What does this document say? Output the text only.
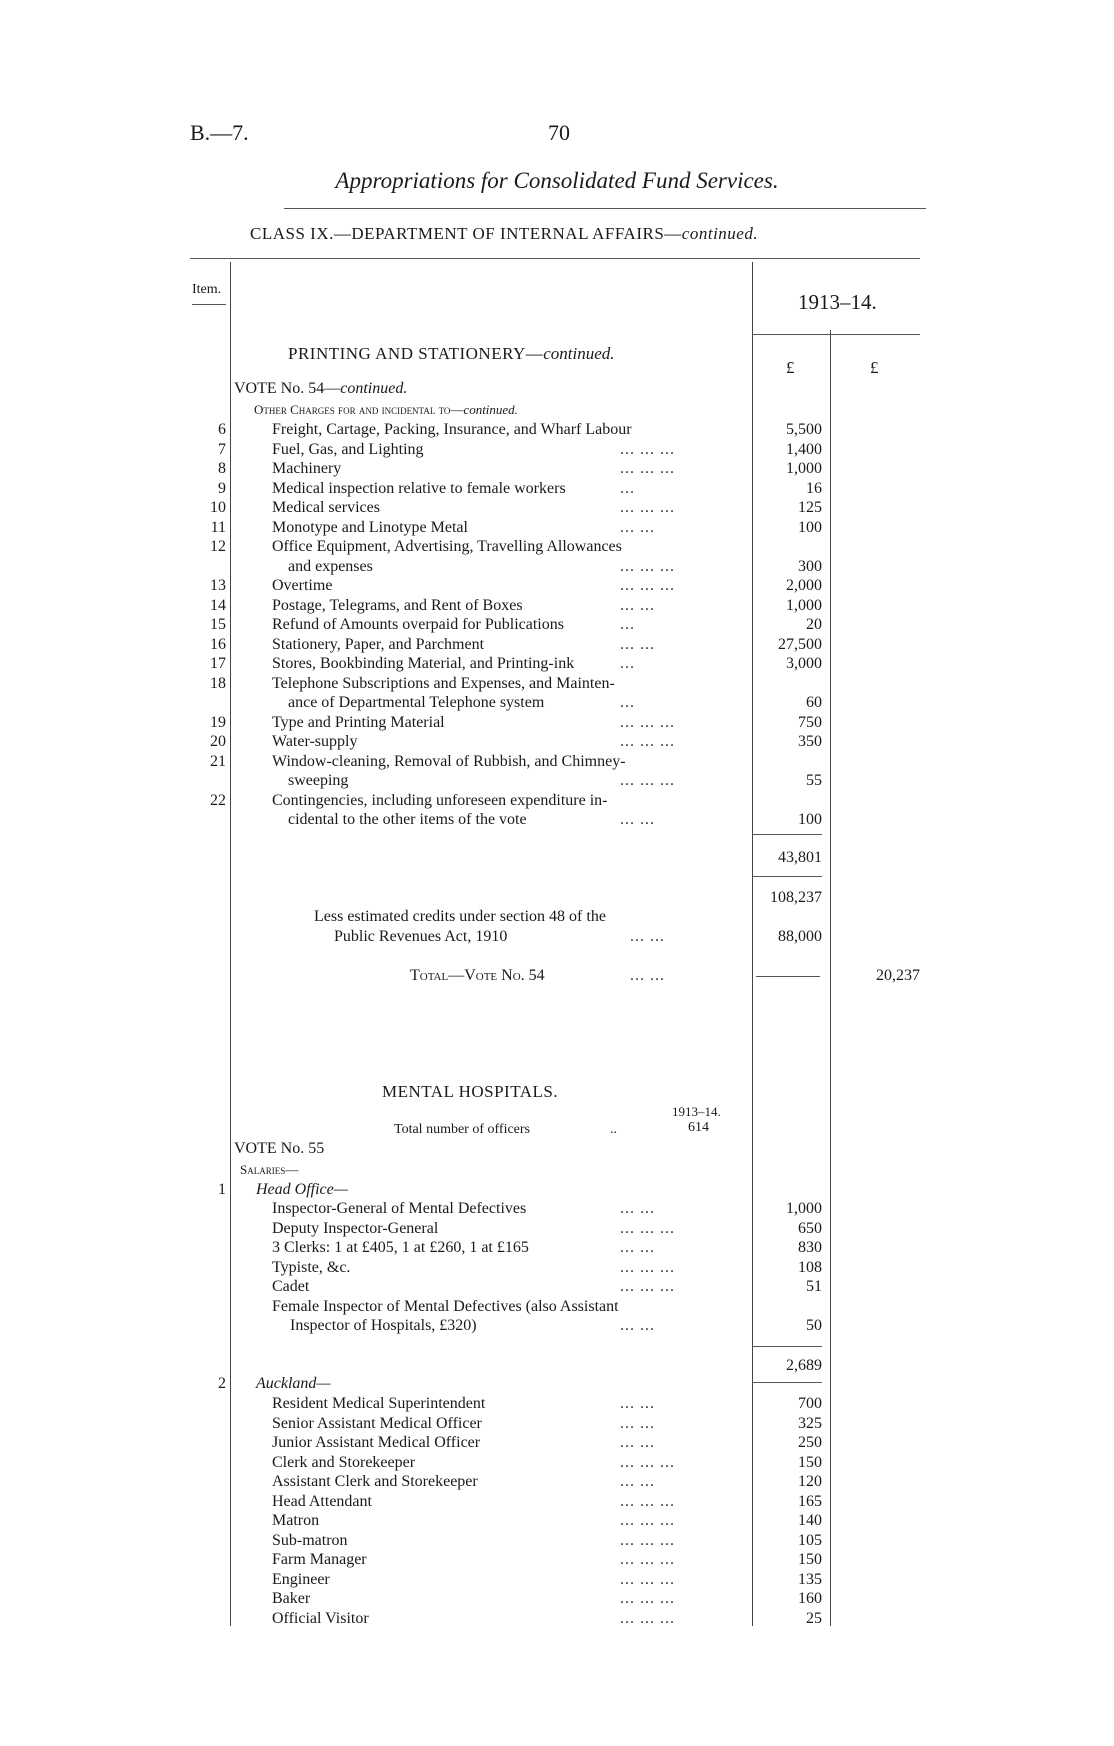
B.—7.	70
Appropriations for Consolidated Fund Services.
CLASS IX.—DEPARTMENT OF INTERNAL AFFAIRS—continued.
Item.
1913–14.
£	£
PRINTING AND STATIONERY—continued.
VOTE No. 54—continued.
Other Charges for and incidental to—continued.
6	Freight, Cartage, Packing, Insurance, and Wharf Labour	5,500
7	Fuel, Gas, and Lighting	... ... ...	1,400
8	Machinery	... ... ...	1,000
9	Medical inspection relative to female workers	...	16
10	Medical services	... ... ...	125
11	Monotype and Linotype Metal	... ...	100
12	Office Equipment, Advertising, Travelling Allowances
and expenses	... ... ...	300
13	Overtime	... ... ...	2,000
14	Postage, Telegrams, and Rent of Boxes	... ...	1,000
15	Refund of Amounts overpaid for Publications	...	20
16	Stationery, Paper, and Parchment	... ...	27,500
17	Stores, Bookbinding Material, and Printing-ink	...	3,000
18	Telephone Subscriptions and Expenses, and Mainten-
ance of Departmental Telephone system	...	60
19	Type and Printing Material	... ... ...	750
20	Water-supply	... ... ...	350
21	Window-cleaning, Removal of Rubbish, and Chimney-
sweeping	... ... ...	55
22	Contingencies, including unforeseen expenditure in-
cidental to the other items of the vote	... ...	100
43,801
108,237
Less estimated credits under section 48 of the
Public Revenues Act, 1910	... ...	88,000
Total—Vote No. 54	... ...	20,237
MENTAL HOSPITALS.
1913–14.
Total number of officers	..	614
VOTE No. 55
Salaries—
1 Head Office—
Inspector-General of Mental Defectives	... ...	1,000
Deputy Inspector-General	... ... ...	650
3 Clerks: 1 at £405, 1 at £260, 1 at £165	... ...	830
Typiste, &c.	... ... ...	108
Cadet	... ... ...	51
Female Inspector of Mental Defectives (also Assistant
Inspector of Hospitals, £320)	... ...	50
2,689
2 Auckland—
Resident Medical Superintendent	... ...	700
Senior Assistant Medical Officer	... ...	325
Junior Assistant Medical Officer	... ...	250
Clerk and Storekeeper	... ... ...	150
Assistant Clerk and Storekeeper	... ...	120
Head Attendant	... ... ...	165
Matron	... ... ...	140
Sub-matron	... ... ...	105
Farm Manager	... ... ...	150
Engineer	... ... ...	135
Baker	... ... ...	160
Official Visitor	... ... ...	25
